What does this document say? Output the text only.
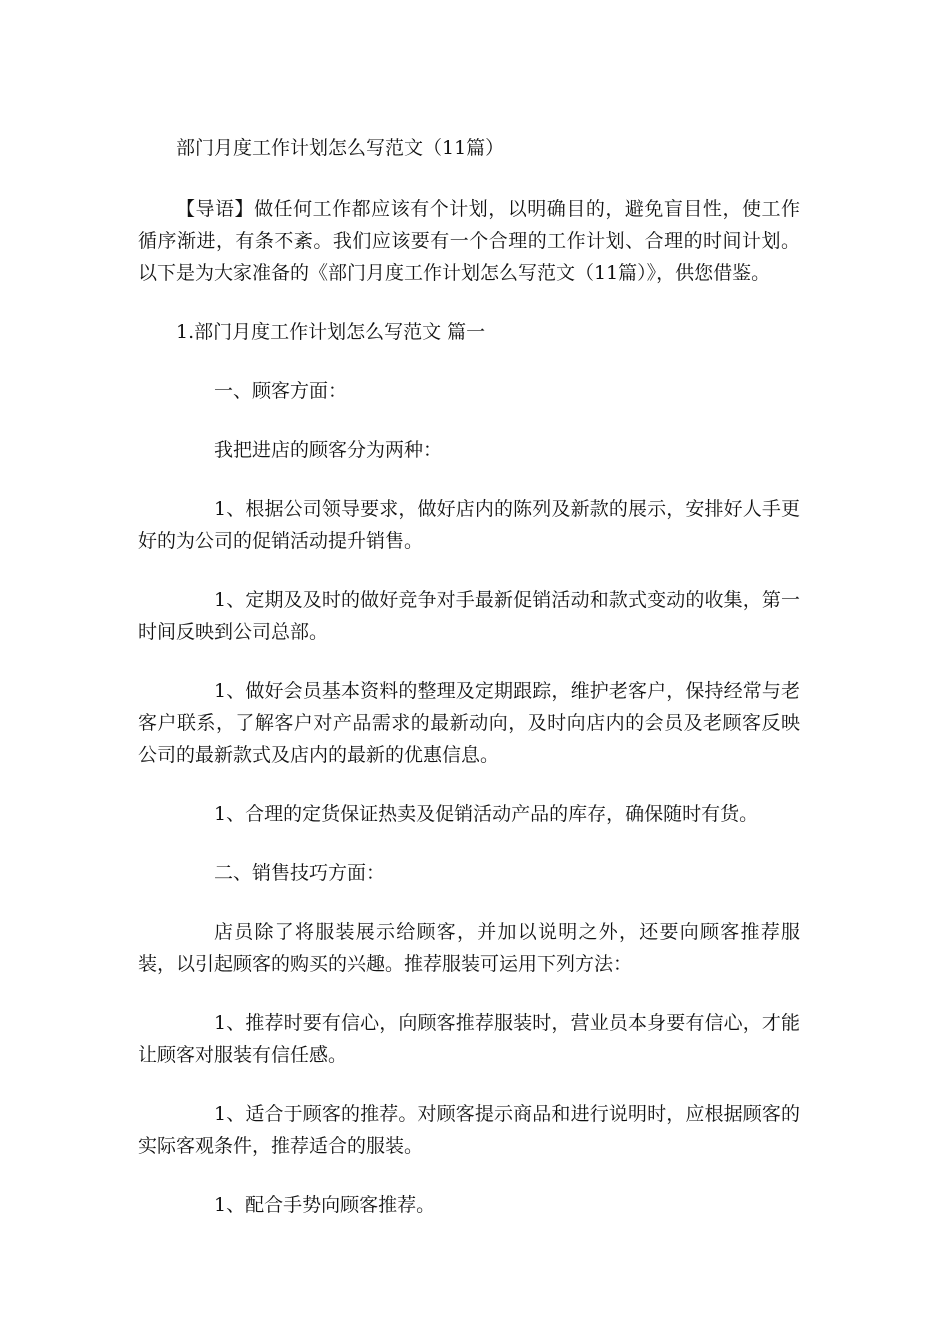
部门月度工作计划怎么写范文（11篇）

【导语】做任何工作都应该有个计划，以明确目的，避免盲目性，使工作循序渐进，有条不紊。我们应该要有一个合理的工作计划、合理的时间计划。以下是为大家准备的《部门月度工作计划怎么写范文（11篇）》，供您借鉴。

1.部门月度工作计划怎么写范文 篇一

一、顾客方面：

我把进店的顾客分为两种：

1、根据公司领导要求，做好店内的陈列及新款的展示，安排好人手更好的为公司的促销活动提升销售。

1、定期及及时的做好竞争对手最新促销活动和款式变动的收集，第一时间反映到公司总部。

1、做好会员基本资料的整理及定期跟踪，维护老客户，保持经常与老客户联系，了解客户对产品需求的最新动向，及时向店内的会员及老顾客反映公司的最新款式及店内的最新的优惠信息。

1、合理的定货保证热卖及促销活动产品的库存，确保随时有货。

二、销售技巧方面：

店员除了将服装展示给顾客，并加以说明之外，还要向顾客推荐服装，以引起顾客的购买的兴趣。推荐服装可运用下列方法：

1、推荐时要有信心，向顾客推荐服装时，营业员本身要有信心，才能让顾客对服装有信任感。

1、适合于顾客的推荐。对顾客提示商品和进行说明时，应根据顾客的实际客观条件，推荐适合的服装。

1、配合手势向顾客推荐。
